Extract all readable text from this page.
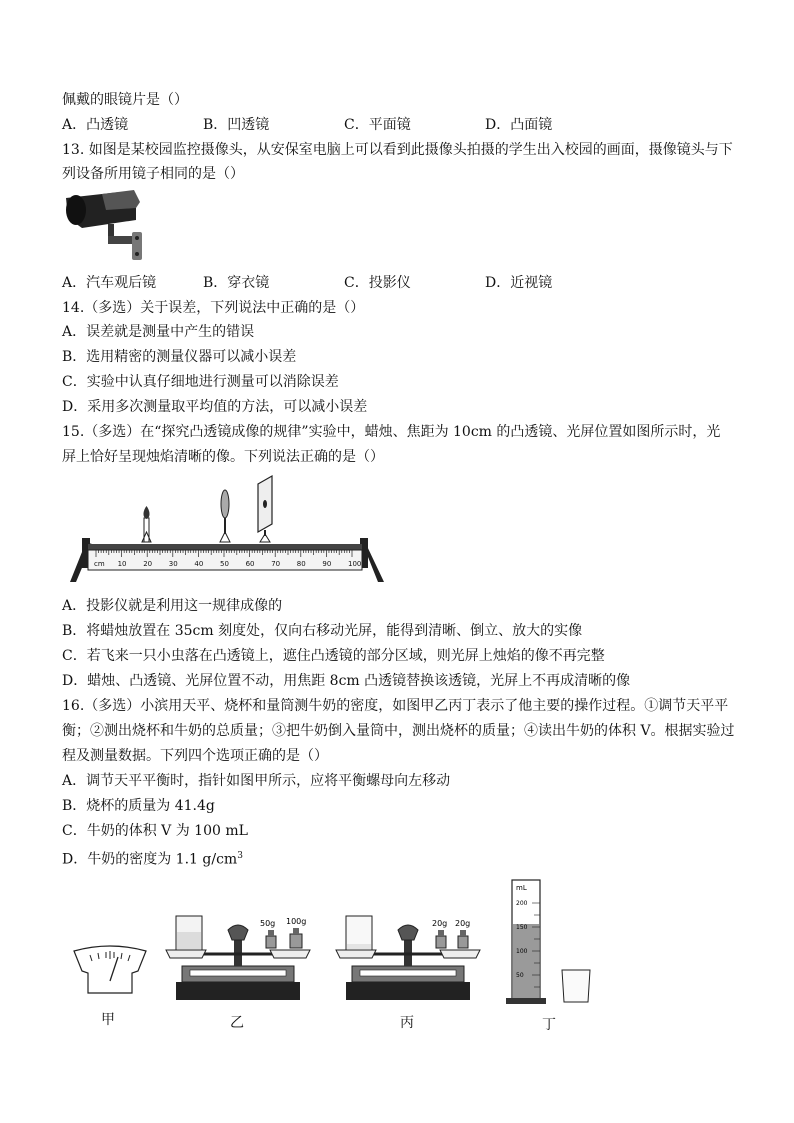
佩戴的眼镜片是（）
A．凸透镜	B．凹透镜	C．平面镜	D．凸面镜
13. 如图是某校园监控摄像头，从安保室电脑上可以看到此摄像头拍摄的学生出入校园的画面，摄像镜头与下
列设备所用镜子相同的是（）
A．汽车观后镜	B．穿衣镜	C．投影仪	D．近视镜
14.（多选）关于误差，下列说法中正确的是（）
A．误差就是测量中产生的错误
B．选用精密的测量仪器可以减小误差
C．实验中认真仔细地进行测量可以消除误差
D．采用多次测量取平均值的方法，可以减小误差
15.（多选）在“探究凸透镜成像的规律”实验中，蜡烛、焦距为 10cm 的凸透镜、光屏位置如图所示时，光
屏上恰好呈现烛焰清晰的像。下列说法正确的是（）
cm 10 20 30 40 50 60 70 80 90 100
A．投影仪就是利用这一规律成像的
B．将蜡烛放置在 35cm 刻度处，仅向右移动光屏，能得到清晰、倒立、放大的实像
C．若飞来一只小虫落在凸透镜上，遮住凸透镜的部分区域，则光屏上烛焰的像不再完整
D．蜡烛、凸透镜、光屏位置不动，用焦距 8cm 凸透镜替换该透镜，光屏上不再成清晰的像
16.（多选）小滨用天平、烧杯和量筒测牛奶的密度，如图甲乙丙丁表示了他主要的操作过程。①调节天平平
衡；②测出烧杯和牛奶的总质量；③把牛奶倒入量筒中，测出烧杯的质量；④读出牛奶的体积 V。根据实验过
程及测量数据。下列四个选项正确的是（）
A．调节天平平衡时，指针如图甲所示，应将平衡螺母向左移动
B．烧杯的质量为 41.4g
C．牛奶的体积 V 为 100 mL
D．牛奶的密度为 1.1 $g/cm^3$
甲
50g 100g
乙
20g 20g
丙
mL
200
150
100
50
丁
